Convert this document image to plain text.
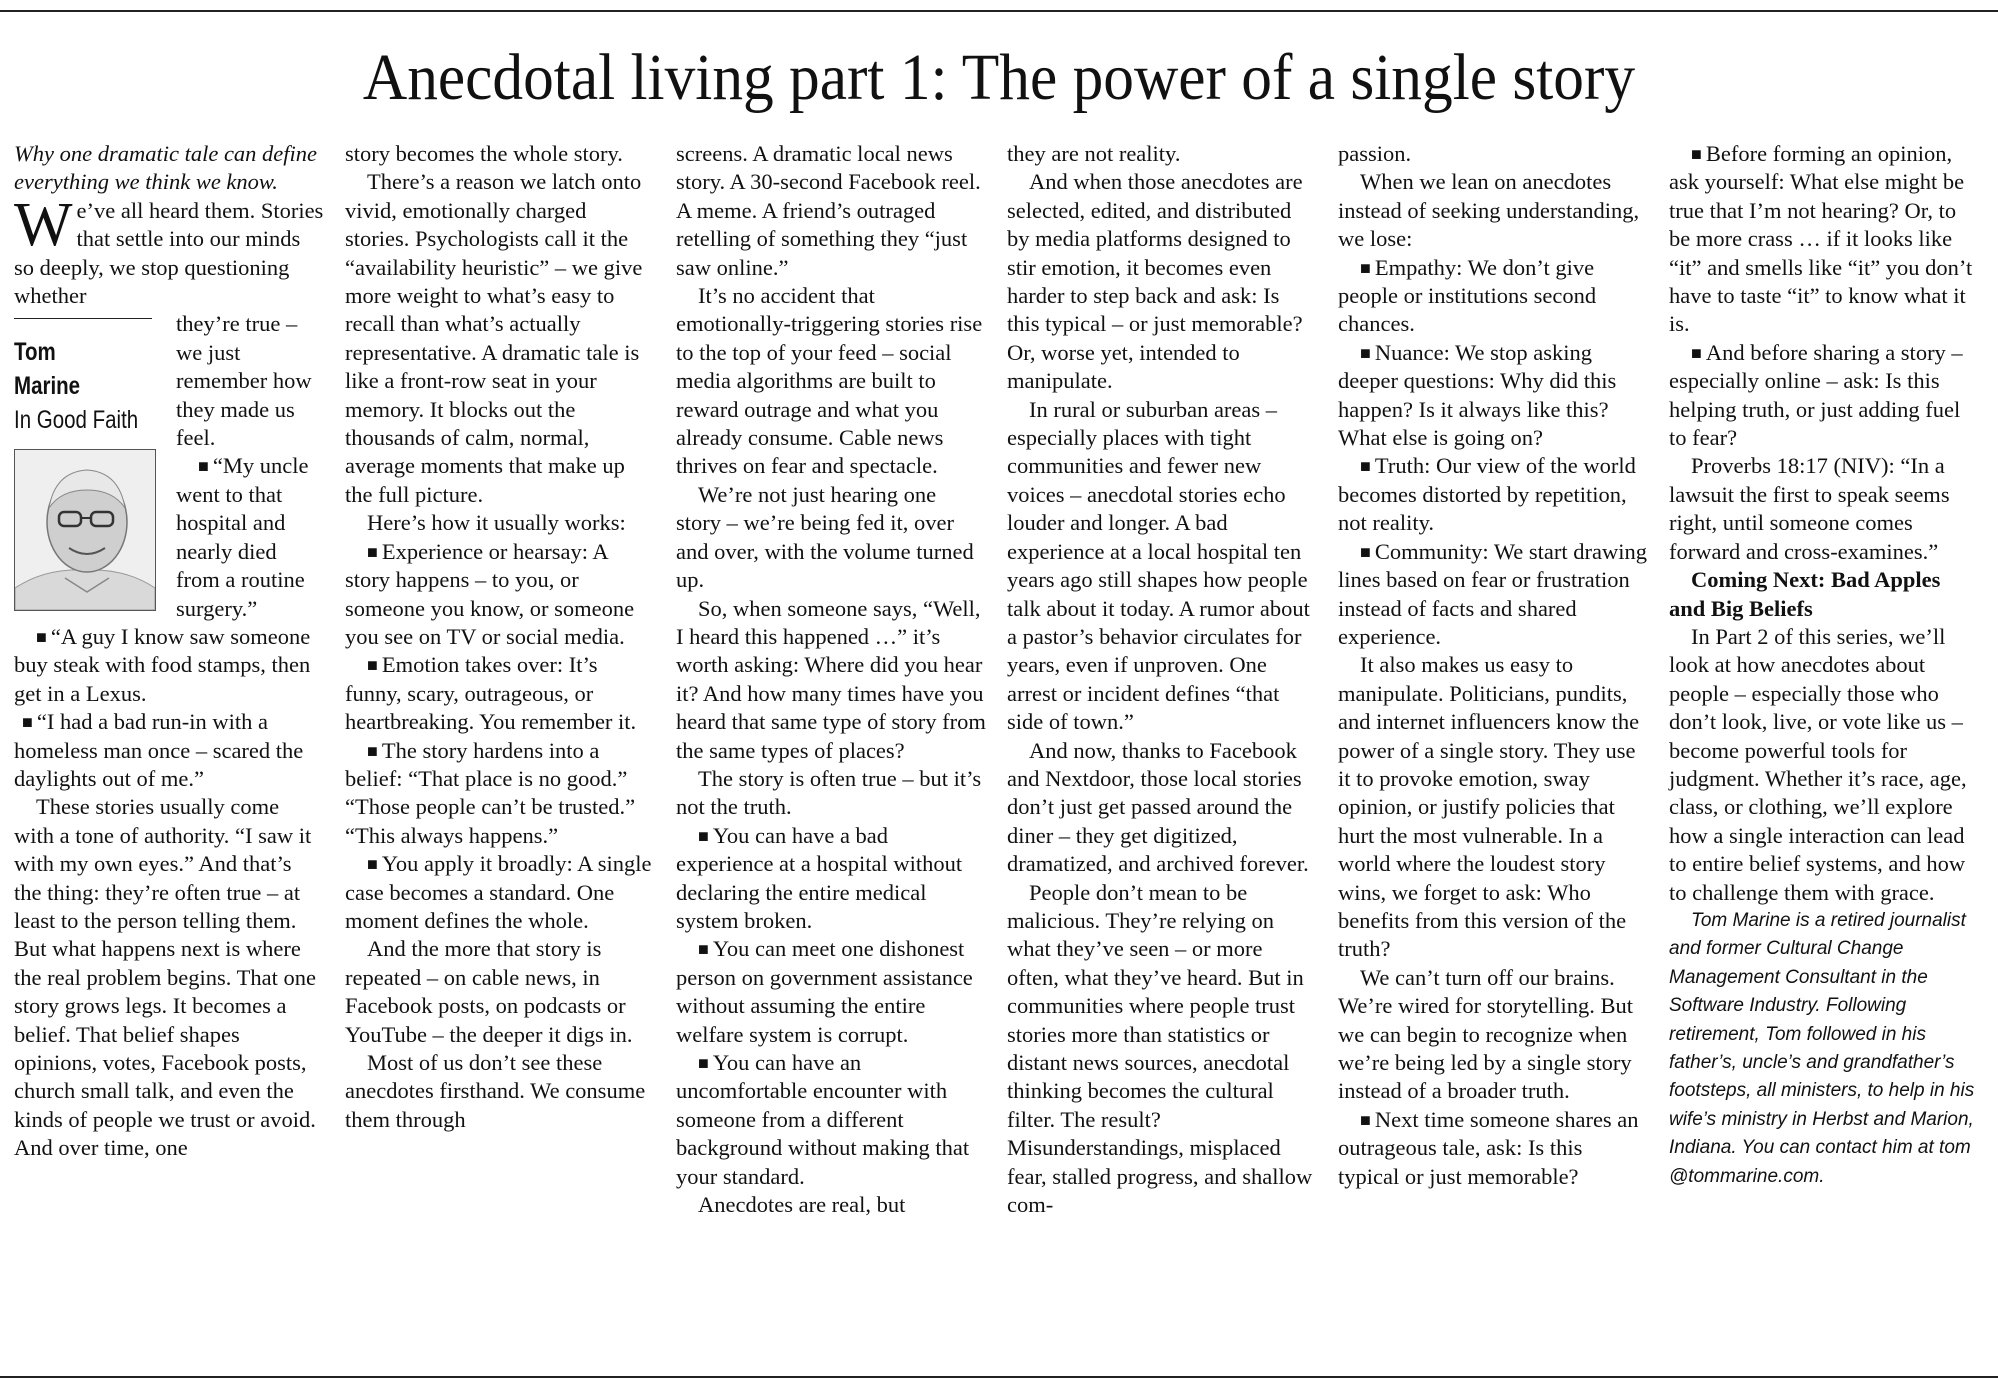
Anecdotal living part 1: The power of a single story

Why one dramatic tale can define everything we think we know.

We’ve all heard them. Stories that settle into our minds so deeply, we stop questioning whether

Tom
Marine
In Good Faith

they’re true – we just remember how they made us feel.

■ “My uncle went to that hospital and nearly died from a routine surgery.”

■ “A guy I know saw someone buy steak with food stamps, then get in a Lexus.

■ “I had a bad run-in with a homeless man once – scared the daylights out of me.”

These stories usually come with a tone of authority. “I saw it with my own eyes.” And that’s the thing: they’re often true – at least to the person telling them. But what happens next is where the real problem begins. That one story grows legs. It becomes a belief. That belief shapes opinions, votes, Facebook posts, church small talk, and even the kinds of people we trust or avoid. And over time, one

story becomes the whole story.

There’s a reason we latch onto vivid, emotionally charged stories. Psychologists call it the “availability heuristic” – we give more weight to what’s easy to recall than what’s actually representative. A dramatic tale is like a front-row seat in your memory. It blocks out the thousands of calm, normal, average moments that make up the full picture.

Here’s how it usually works:

■ Experience or hearsay: A story happens – to you, or someone you know, or someone you see on TV or social media.

■ Emotion takes over: It’s funny, scary, outrageous, or heartbreaking. You remember it.

■ The story hardens into a belief: “That place is no good.” “Those people can’t be trusted.” “This always happens.”

■ You apply it broadly: A single case becomes a standard. One moment defines the whole.

And the more that story is repeated – on cable news, in Facebook posts, on podcasts or YouTube – the deeper it digs in.

Most of us don’t see these anecdotes firsthand. We consume them through

screens. A dramatic local news story. A 30-second Facebook reel. A meme. A friend’s outraged retelling of something they “just saw online.”

It’s no accident that emotionally-triggering stories rise to the top of your feed – social media algorithms are built to reward outrage and what you already consume. Cable news thrives on fear and spectacle.

We’re not just hearing one story – we’re being fed it, over and over, with the volume turned up.

So, when someone says, “Well, I heard this happened …” it’s worth asking: Where did you hear it? And how many times have you heard that same type of story from the same types of places?

The story is often true – but it’s not the truth.

■ You can have a bad experience at a hospital without declaring the entire medical system broken.

■ You can meet one dishonest person on government assistance without assuming the entire welfare system is corrupt.

■ You can have an uncomfortable encounter with someone from a different background without making that your standard.

Anecdotes are real, but

they are not reality.

And when those anecdotes are selected, edited, and distributed by media platforms designed to stir emotion, it becomes even harder to step back and ask: Is this typical – or just memorable? Or, worse yet, intended to manipulate.

In rural or suburban areas – especially places with tight communities and fewer new voices – anecdotal stories echo louder and longer. A bad experience at a local hospital ten years ago still shapes how people talk about it today. A rumor about a pastor’s behavior circulates for years, even if unproven. One arrest or incident defines “that side of town.”

And now, thanks to Facebook and Nextdoor, those local stories don’t just get passed around the diner – they get digitized, dramatized, and archived forever.

People don’t mean to be malicious. They’re relying on what they’ve seen – or more often, what they’ve heard. But in communities where people trust stories more than statistics or distant news sources, anecdotal thinking becomes the cultural filter. The result? Misunderstandings, misplaced fear, stalled progress, and shallow com-

passion.

When we lean on anecdotes instead of seeking understanding, we lose:

■ Empathy: We don’t give people or institutions second chances.

■ Nuance: We stop asking deeper questions: Why did this happen? Is it always like this? What else is going on?

■ Truth: Our view of the world becomes distorted by repetition, not reality.

■ Community: We start drawing lines based on fear or frustration instead of facts and shared experience.

It also makes us easy to manipulate. Politicians, pundits, and internet influencers know the power of a single story. They use it to provoke emotion, sway opinion, or justify policies that hurt the most vulnerable. In a world where the loudest story wins, we forget to ask: Who benefits from this version of the truth?

We can’t turn off our brains. We’re wired for storytelling. But we can begin to recognize when we’re being led by a single story instead of a broader truth.

■ Next time someone shares an outrageous tale, ask: Is this typical or just memorable?

■ Before forming an opinion, ask yourself: What else might be true that I’m not hearing? Or, to be more crass … if it looks like “it” and smells like “it” you don’t have to taste “it” to know what it is.

■ And before sharing a story – especially online – ask: Is this helping truth, or just adding fuel to fear?

Proverbs 18:17 (NIV): “In a lawsuit the first to speak seems right, until someone comes forward and cross-examines.”

Coming Next: Bad Apples and Big Beliefs

In Part 2 of this series, we’ll look at how anecdotes about people – especially those who don’t look, live, or vote like us – become powerful tools for judgment. Whether it’s race, age, class, or clothing, we’ll explore how a single interaction can lead to entire belief systems, and how to challenge them with grace.

Tom Marine is a retired journalist and former Cultural Change Management Consultant in the Software Industry. Following retirement, Tom followed in his father’s, uncle’s and grandfather’s footsteps, all ministers, to help in his wife’s ministry in Herbst and Marion, Indiana. You can contact him at tom @tommarine.com.
